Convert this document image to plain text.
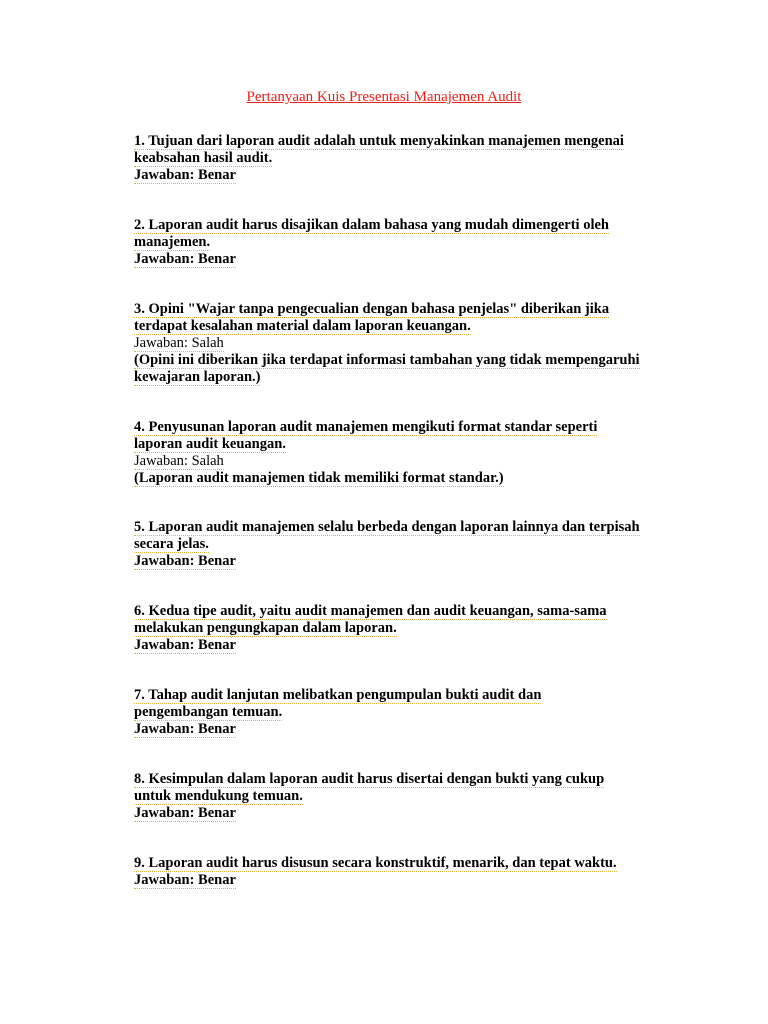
Pertanyaan Kuis Presentasi Manajemen Audit
1. Tujuan dari laporan audit adalah untuk menyakinkan manajemen mengenai
keabsahan hasil audit.
Jawaban: Benar
2. Laporan audit harus disajikan dalam bahasa yang mudah dimengerti oleh
manajemen.
Jawaban: Benar
3. Opini "Wajar tanpa pengecualian dengan bahasa penjelas" diberikan jika
terdapat kesalahan material dalam laporan keuangan.
Jawaban: Salah
(Opini ini diberikan jika terdapat informasi tambahan yang tidak mempengaruhi
kewajaran laporan.)
4. Penyusunan laporan audit manajemen mengikuti format standar seperti
laporan audit keuangan.
Jawaban: Salah
(Laporan audit manajemen tidak memiliki format standar.)
5. Laporan audit manajemen selalu berbeda dengan laporan lainnya dan terpisah
secara jelas.
Jawaban: Benar
6. Kedua tipe audit, yaitu audit manajemen dan audit keuangan, sama-sama
melakukan pengungkapan dalam laporan.
Jawaban: Benar
7. Tahap audit lanjutan melibatkan pengumpulan bukti audit dan
pengembangan temuan.
Jawaban: Benar
8. Kesimpulan dalam laporan audit harus disertai dengan bukti yang cukup
untuk mendukung temuan.
Jawaban: Benar
9. Laporan audit harus disusun secara konstruktif, menarik, dan tepat waktu.
Jawaban: Benar
